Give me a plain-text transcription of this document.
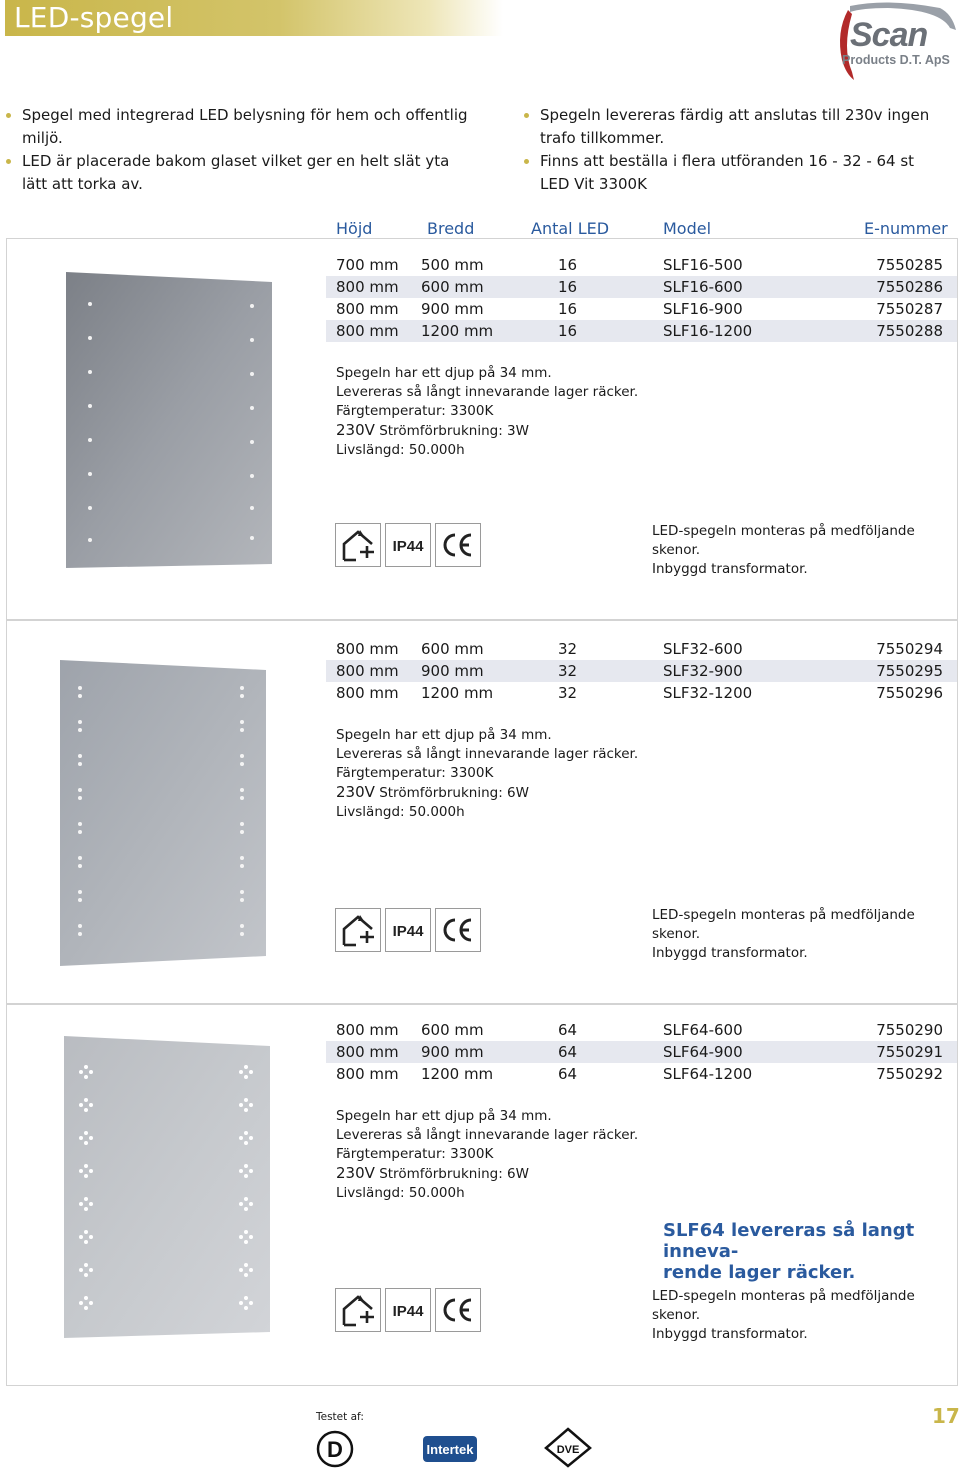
LED-spegel	Scan
Products D.T. ApS
Spegel med integrerad LED belysning för hem och offentlig miljö.
LED är placerade bakom glaset vilket ger en helt slät yta lätt att torka av.
Spegeln levereras färdig att anslutas till 230v ingen trafo tillkommer.
Finns att beställa i flera utföranden 16 - 32 - 64 st LED Vit 3300K
Höjd	Bredd	Antal LED	Model	E-nummer
700 mm 500 mm	16	SLF16-500	7550285
800 mm 600 mm	16	SLF16-600	7550286
800 mm 900 mm	16	SLF16-900	7550287
800 mm 1200 mm	16	SLF16-1200	7550288
Spegeln har ett djup på 34 mm.
Levereras så långt innevarande lager räcker.
Färgtemperatur: 3300K
230V Strömförbrukning: 3W
Livslängd: 50.000h
IP44
LED-spegeln monteras på medföljande skenor.
Inbyggd transformator.
800 mm 600 mm	32	SLF32-600	7550294
800 mm 900 mm	32	SLF32-900	7550295
800 mm 1200 mm	32	SLF32-1200	7550296
Spegeln har ett djup på 34 mm.
Levereras så långt innevarande lager räcker.
Färgtemperatur: 3300K
230V Strömförbrukning: 6W
Livslängd: 50.000h
IP44
LED-spegeln monteras på medföljande skenor.
Inbyggd transformator.
800 mm 600 mm	64	SLF64-600	7550290
800 mm 900 mm	64	SLF64-900	7550291
800 mm 1200 mm	64	SLF64-1200	7550292
Spegeln har ett djup på 34 mm.
Levereras så långt innevarande lager räcker.
Färgtemperatur: 3300K
230V Strömförbrukning: 6W
Livslängd: 50.000h
SLF64 levereras så langt inneva-
rende lager räcker.
IP44
LED-spegeln monteras på medföljande skenor.
Inbyggd transformator.
Testet af:
D	Intertek	DVE
17
